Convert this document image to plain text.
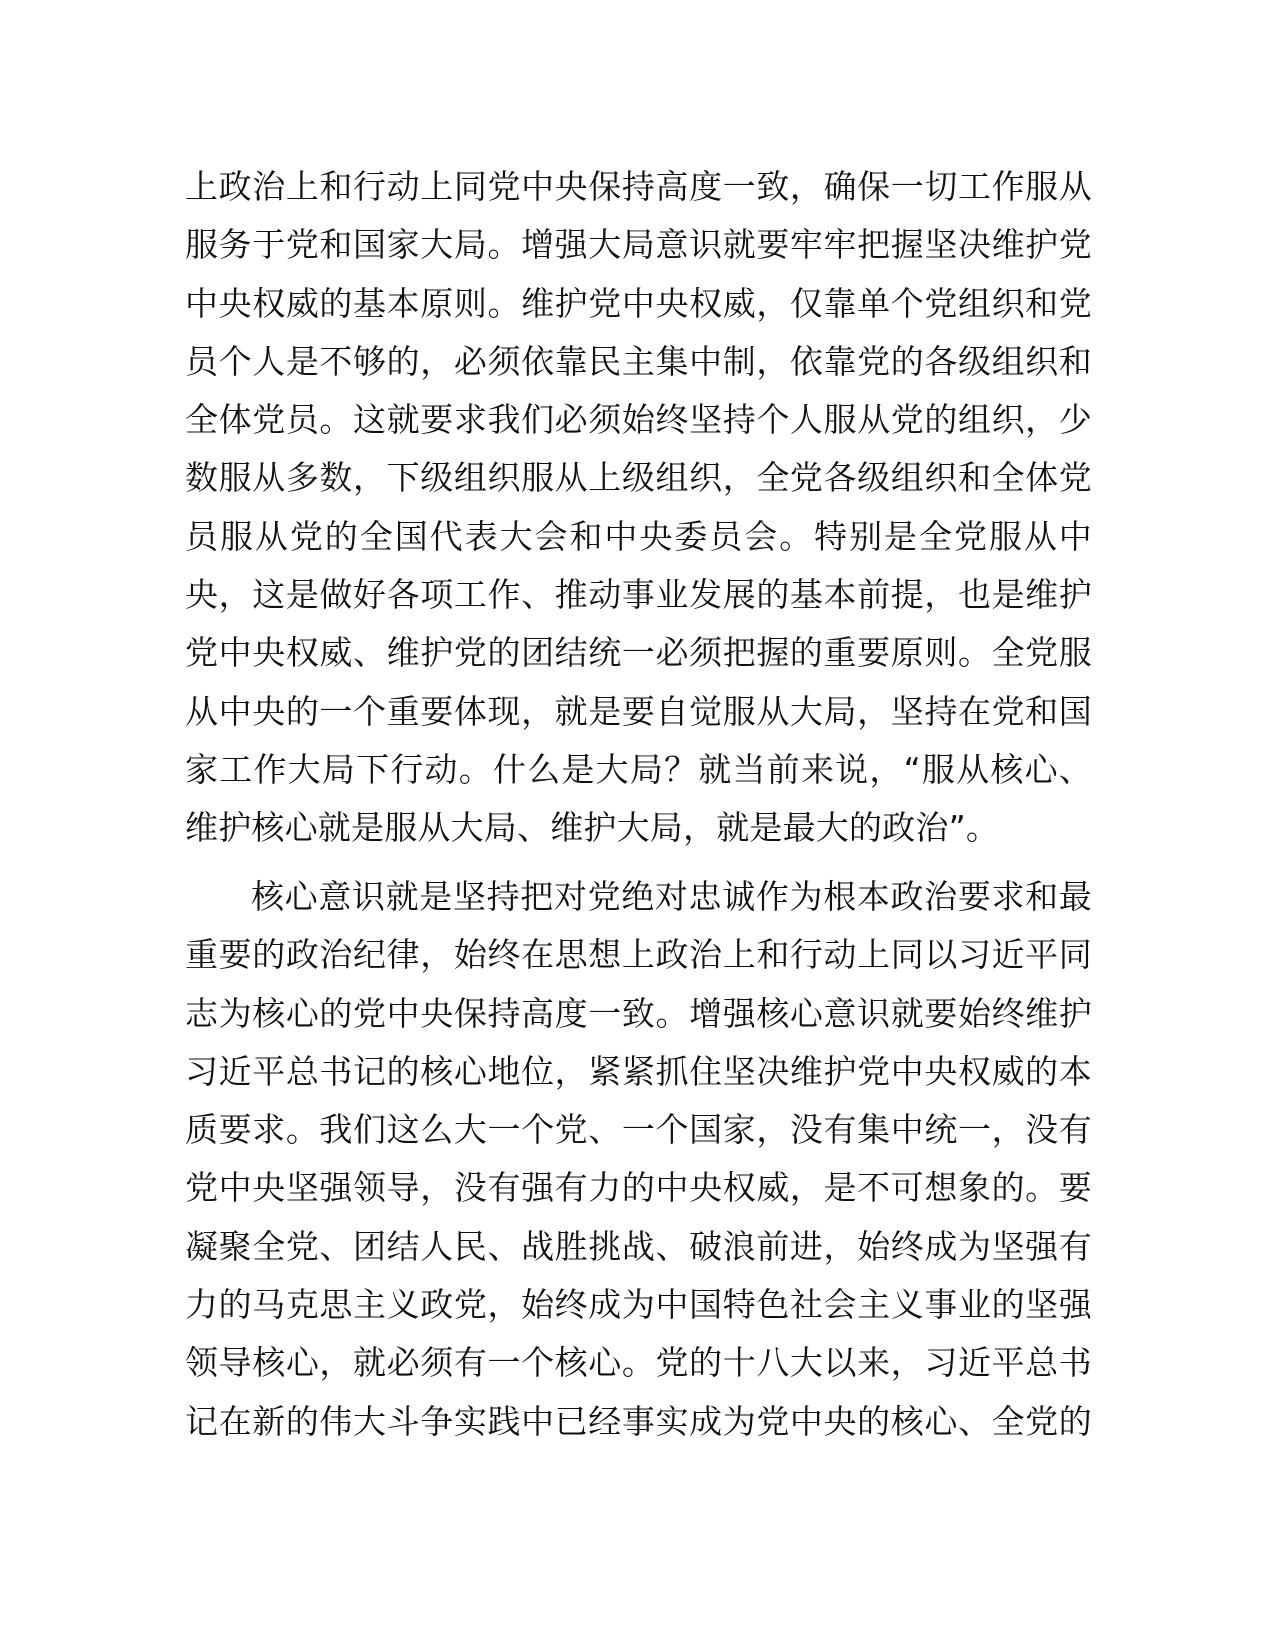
上政治上和行动上同党中央保持高度一致，确保一切工作服从
服务于党和国家大局。增强大局意识就要牢牢把握坚决维护党
中央权威的基本原则。维护党中央权威，仅靠单个党组织和党
员个人是不够的，必须依靠民主集中制，依靠党的各级组织和
全体党员。这就要求我们必须始终坚持个人服从党的组织，少
数服从多数，下级组织服从上级组织，全党各级组织和全体党
员服从党的全国代表大会和中央委员会。特别是全党服从中
央，这是做好各项工作、推动事业发展的基本前提，也是维护
党中央权威、维护党的团结统一必须把握的重要原则。全党服
从中央的一个重要体现，就是要自觉服从大局，坚持在党和国
家工作大局下行动。什么是大局？就当前来说，“服从核心、
维护核心就是服从大局、维护大局，就是最大的政治”。
核心意识就是坚持把对党绝对忠诚作为根本政治要求和最
重要的政治纪律，始终在思想上政治上和行动上同以习近平同
志为核心的党中央保持高度一致。增强核心意识就要始终维护
习近平总书记的核心地位，紧紧抓住坚决维护党中央权威的本
质要求。我们这么大一个党、一个国家，没有集中统一，没有
党中央坚强领导，没有强有力的中央权威，是不可想象的。要
凝聚全党、团结人民、战胜挑战、破浪前进，始终成为坚强有
力的马克思主义政党，始终成为中国特色社会主义事业的坚强
领导核心，就必须有一个核心。党的十八大以来，习近平总书
记在新的伟大斗争实践中已经事实成为党中央的核心、全党的
